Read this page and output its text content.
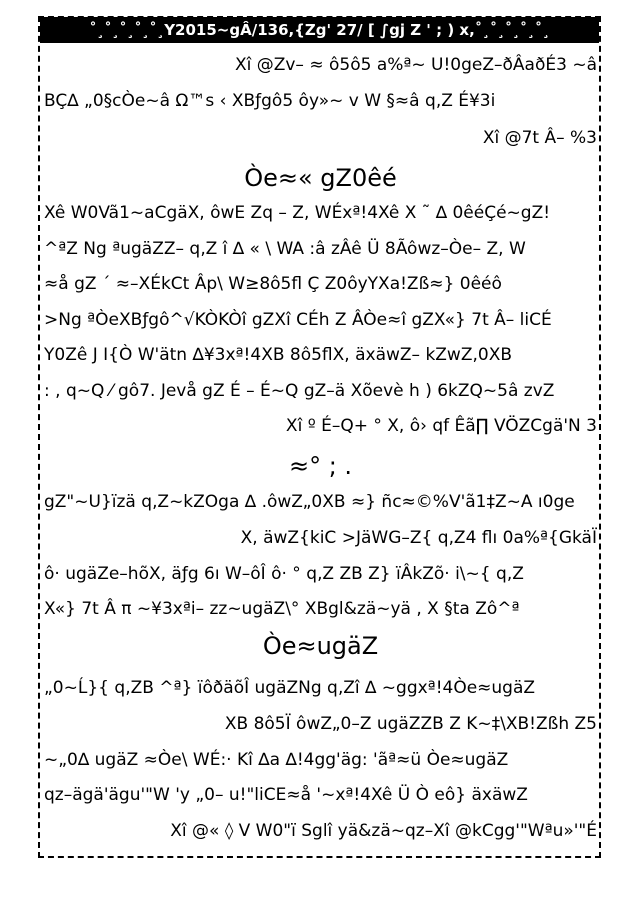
˚¸˚¸˚¸˚¸˚¸Y2015~gÂ/136,{Zg' 27/ [ ∫gj Ζ ' ; ) x,˚¸˚¸˚¸˚¸˚¸
Xî @Zv– ≈ ô5ô5 a%ª~ U!0geZ–ðÂaðÉ3 ~â
BÇ∆ „0§cÒe~â Ω™s ‹ XBƒgô5 ôy»~ v W §≈â q‚Z É¥3i
Xî @7t Â– %3
Òe≈« gZ0êé
Xê W0Vã1~aCgäX, ôwE Zq – Z, WÉxª!4Xê X ˜ ∆ 0êéÇé~gZ!
^ªZ Ng ªugäZZ– q‚Z î ∆ « \ WA :â zÂê Ü 8Ãôwz–Òe– Z, W
≈å gZ ´ ≈–XÉkCt Âp\ W≥8ô5fl Ç Z0ôyYXa!Zß≈} 0êéô
>Ng ªÒeXBƒgô^√KÒKÒî gZXî CÉh Z ÂÒe≈î gZX«} 7t Â– liCÉ
Y0Zê J I{Ò W'ätn ∆¥3xª!4XB 8ô5flX, äxäwZ– kZwZ,0XB
: , q~Q ⁄ gô7. Jevå gZ É – É~Q gZ–ä Xõevè h ) 6kZQ~5â zvZ
Xî º É–Q+ ° X, ô› qf Êã∏ VÖZCgä'N 3
≈° ; .
gZ"~U}ïzä q‚Z~kZOga ∆ .ôwZ„0XB ≈} ñc≈©%V'ã1‡Z~A ı0ge
X, äwZ{kiC >JäWG–Z{ q‚Z4 flı 0a%ª{GkäÏ
ô· ugäZe–hõX, äƒg 6ı W–ôÎ ô· ° q‚Z ZB Z} ïÂkZõ· i\~{ q‚Z
X«} 7t Â π ~¥3xªi– zz~ugäZ\° XBgl&zä~yä , X §ta Zô^ª
Òe≈ugäZ
„0~Ĺ}{ q‚ZB ^ª} ïôðäõÎ ugäZNg q‚Zî ∆ ~ggxª!4Òe≈ugäZ
XB 8ô5Ï ôwZ„0–Z ugäZZB Z K~‡\XB!Zßh Z5
~„0∆ ugäZ ≈Òe\ WÉ:· Kî ∆a ∆!4gg'äg: 'ãª≈ü Òe≈ugäZ
qz–ägä'ägu'"W 'y „0– u!"liCE≈å '~xª!4Xê Ü Ò eô} äxäwZ
Xî @« ◊ V W0"ï Sglî yä&zä~qz–Xî @kCgg'"Wªu»'"É
